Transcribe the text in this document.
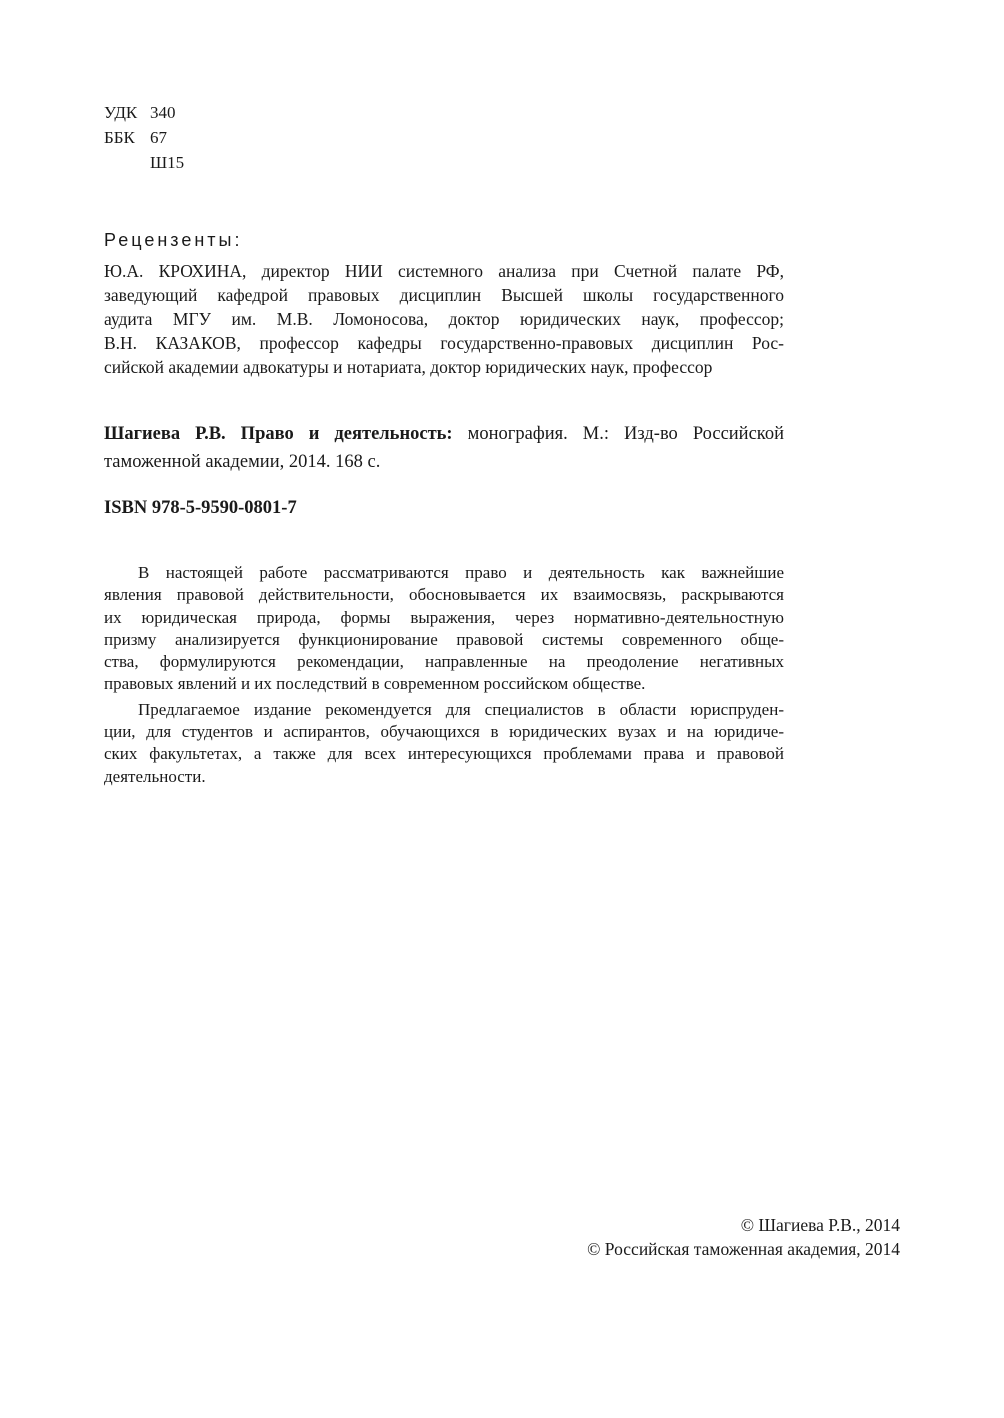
УДК 340
ББК 67
Ш15
Рецензенты:
Ю.А. КРОХИНА, директор НИИ системного анализа при Счетной палате РФ,
заведующий кафедрой правовых дисциплин Высшей школы государственного
аудита МГУ им. М.В. Ломоносова, доктор юридических наук, профессор;
В.Н. КАЗАКОВ, профессор кафедры государственно-правовых дисциплин Рос-
сийской академии адвокатуры и нотариата, доктор юридических наук, профессор
Шагиева Р.В. Право и деятельность: монография. М.: Изд-во Российской
таможенной академии, 2014. 168 с.
ISBN 978-5-9590-0801-7
В настоящей работе рассматриваются право и деятельность как важнейшие
явления правовой действительности, обосновывается их взаимосвязь, раскрываются
их юридическая природа, формы выражения, через нормативно-деятельностную
призму анализируется функционирование правовой системы современного обще-
ства, формулируются рекомендации, направленные на преодоление негативных
правовых явлений и их последствий в современном российском обществе.
Предлагаемое издание рекомендуется для специалистов в области юриспруден-
ции, для студентов и аспирантов, обучающихся в юридических вузах и на юридиче-
ских факультетах, а также для всех интересующихся проблемами права и правовой
деятельности.
© Шагиева Р.В., 2014
© Российская таможенная академия, 2014
